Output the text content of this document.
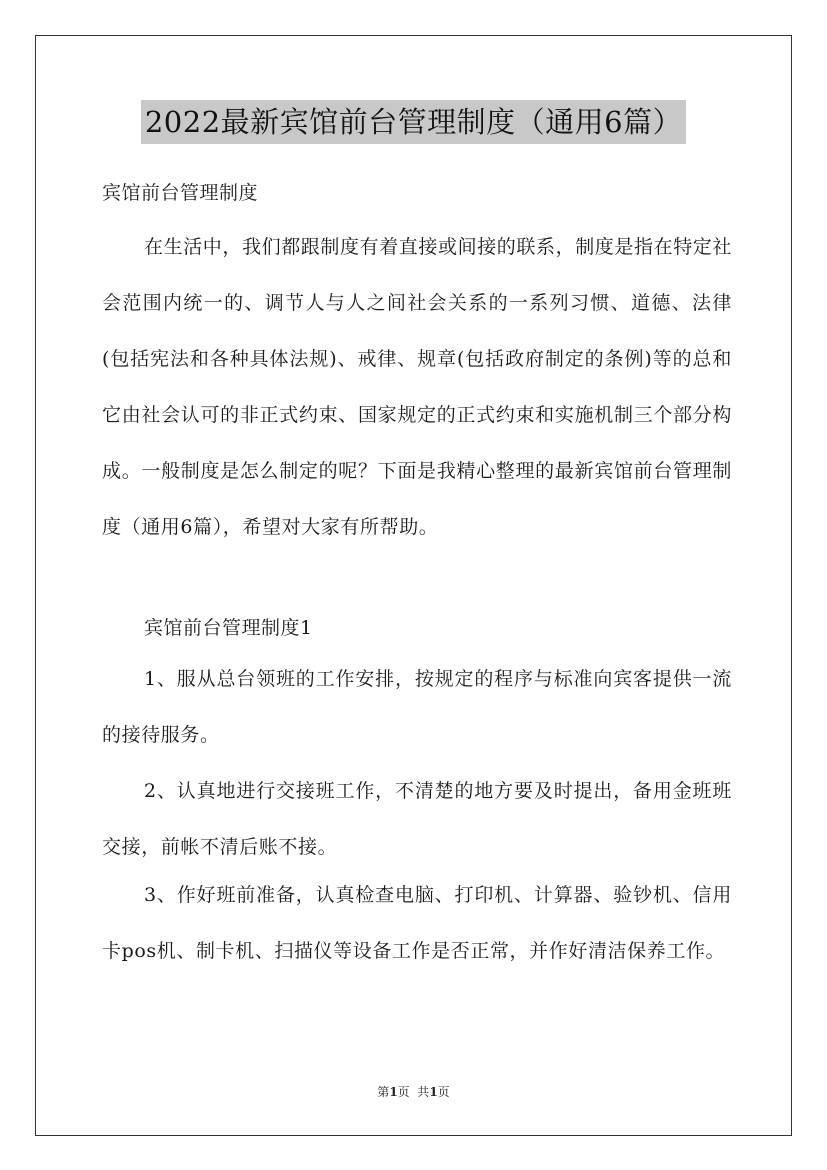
2022最新宾馆前台管理制度（通用6篇）
宾馆前台管理制度

在生活中，我们都跟制度有着直接或间接的联系，制度是指在特定社会范围内统一的、调节人与人之间社会关系的一系列习惯、道德、法律(包括宪法和各种具体法规)、戒律、规章(包括政府制定的条例)等的总和它由社会认可的非正式约束、国家规定的正式约束和实施机制三个部分构成。一般制度是怎么制定的呢？下面是我精心整理的最新宾馆前台管理制度（通用6篇），希望对大家有所帮助。

宾馆前台管理制度1

1、服从总台领班的工作安排，按规定的程序与标准向宾客提供一流的接待服务。

2、认真地进行交接班工作，不清楚的地方要及时提出，备用金班班交接，前帐不清后账不接。

3、作好班前准备，认真检查电脑、打印机、计算器、验钞机、信用卡pos机、制卡机、扫描仪等设备工作是否正常，并作好清洁保养工作。

第1页  共1页
